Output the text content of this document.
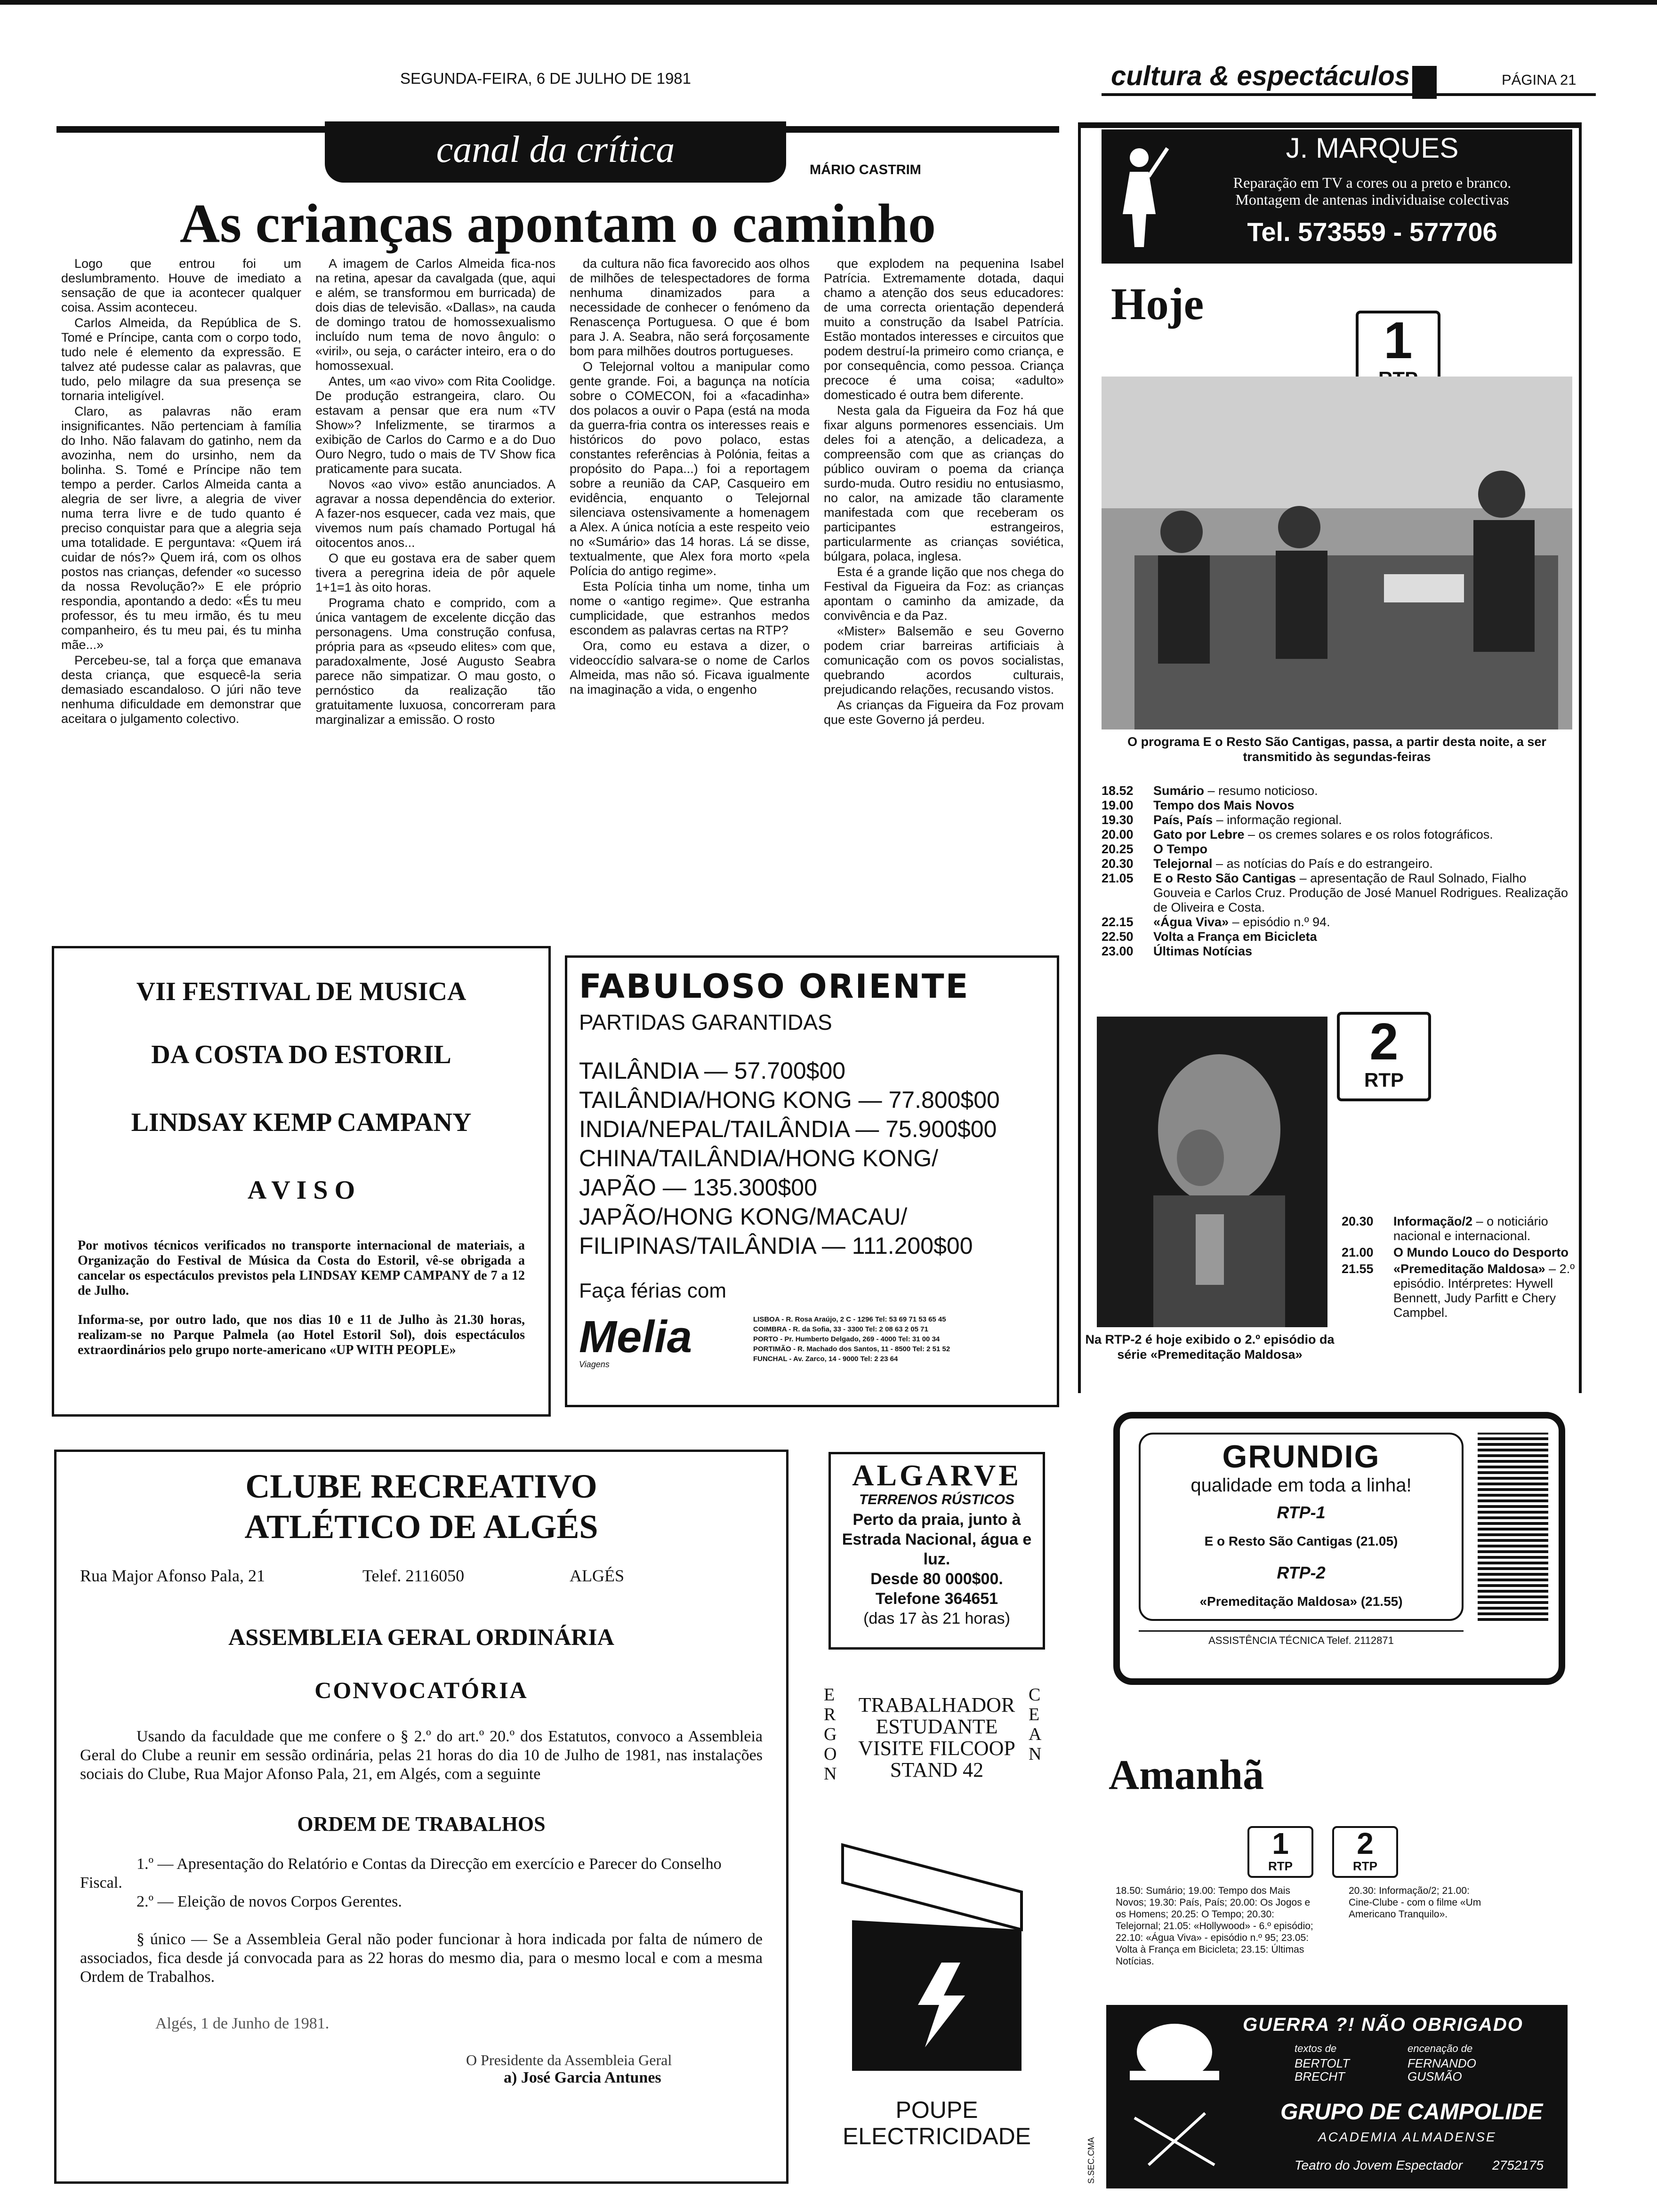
SEGUNDA-FEIRA, 6 DE JULHO DE 1981	cultura & espectáculos	PÁGINA 21
canal da crítica	MÁRIO CASTRIM
As crianças apontam o caminho

Logo que entrou foi um deslumbramento. Houve de imediato a sensação de que ia acontecer qualquer coisa. Assim aconteceu.

Carlos Almeida, da República de S. Tomé e Príncipe, canta com o corpo todo, tudo nele é elemento da expressão. E talvez até pudesse calar as palavras, que tudo, pelo milagre da sua presença se tornaria inteligível.

Claro, as palavras não eram insignificantes. Não pertenciam à família do Inho. Não falavam do gatinho, nem da avozinha, nem do ursinho, nem da bolinha. S. Tomé e Príncipe não tem tempo a perder. Carlos Almeida canta a alegria de ser livre, a alegria de viver numa terra livre e de tudo quanto é preciso conquistar para que a alegria seja uma totalidade. E perguntava: «Quem irá cuidar de nós?» Quem irá, com os olhos postos nas crianças, defender «o sucesso da nossa Revolução?» E ele próprio respondia, apontando a dedo: «És tu meu professor, és tu meu irmão, és tu meu companheiro, és tu meu pai, és tu minha mãe...»

Percebeu-se, tal a força que emanava desta criança, que esquecê-la seria demasiado escandaloso. O júri não teve nenhuma dificuldade em demonstrar que aceitara o julgamento colectivo.

A imagem de Carlos Almeida fica-nos na retina, apesar da cavalgada (que, aqui e além, se transformou em burricada) de dois dias de televisão. «Dallas», na cauda de domingo tratou de homossexualismo incluído num tema de novo ângulo: o «viril», ou seja, o carácter inteiro, era o do homossexual.

Antes, um «ao vivo» com Rita Coolidge. De produção estrangeira, claro. Ou estavam a pensar que era num «TV Show»? Infelizmente, se tirarmos a exibição de Carlos do Carmo e a do Duo Ouro Negro, tudo o mais de TV Show fica praticamente para sucata.

Novos «ao vivo» estão anunciados. A agravar a nossa dependência do exterior. A fazer-nos esquecer, cada vez mais, que vivemos num país chamado Portugal há oitocentos anos...

O que eu gostava era de saber quem tivera a peregrina ideia de pôr aquele 1+1=1 às oito horas.

Programa chato e comprido, com a única vantagem de excelente dicção das personagens. Uma construção confusa, própria para as «pseudo elites» com que, paradoxalmente, José Augusto Seabra parece não simpatizar. O mau gosto, o pernóstico da realização tão gratuitamente luxuosa, concorreram para marginalizar a emissão. O rosto

da cultura não fica favorecido aos olhos de milhões de telespectadores de forma nenhuma dinamizados para a necessidade de conhecer o fenómeno da Renascença Portuguesa. O que é bom para J. A. Seabra, não será forçosamente bom para milhões doutros portugueses.

O Telejornal voltou a manipular como gente grande. Foi, a bagunça na notícia sobre o COMECON, foi a «facadinha» dos polacos a ouvir o Papa (está na moda da guerra-fria contra os interesses reais e históricos do povo polaco, estas constantes referências à Polónia, feitas a propósito do Papa...) foi a reportagem sobre a reunião da CAP, Casqueiro em evidência, enquanto o Telejornal silenciava ostensivamente a homenagem a Alex. A única notícia a este respeito veio no «Sumário» das 14 horas. Lá se disse, textualmente, que Alex fora morto «pela Polícia do antigo regime».

Esta Polícia tinha um nome, tinha um nome o «antigo regime». Que estranha cumplicidade, que estranhos medos escondem as palavras certas na RTP?

Ora, como eu estava a dizer, o videoccídio salvara-se o nome de Carlos Almeida, mas não só. Ficava igualmente na imaginação a vida, o engenho

que explodem na pequenina Isabel Patrícia. Extremamente dotada, daqui chamo a atenção dos seus educadores: de uma correcta orientação dependerá muito a construção da Isabel Patrícia. Estão montados interesses e circuitos que podem destruí-la primeiro como criança, e por consequência, como pessoa. Criança precoce é uma coisa; «adulto» domesticado é outra bem diferente.

Nesta gala da Figueira da Foz há que fixar alguns pormenores essenciais. Um deles foi a atenção, a delicadeza, a compreensão com que as crianças do público ouviram o poema da criança surdo-muda. Outro residiu no entusiasmo, no calor, na amizade tão claramente manifestada com que receberam os participantes estrangeiros, particularmente as crianças soviética, búlgara, polaca, inglesa.

Esta é a grande lição que nos chega do Festival da Figueira da Foz: as crianças apontam o caminho da amizade, da convivência e da Paz.

«Mister» Balsemão e seu Governo podem criar barreiras artificiais à comunicação com os povos socialistas, quebrando acordos culturais, prejudicando relações, recusando vistos.

As crianças da Figueira da Foz provam que este Governo já perdeu.

VII FESTIVAL DE MUSICA
DA COSTA DO ESTORIL
LINDSAY KEMP CAMPANY
A V I S O
Por motivos técnicos verificados no transporte internacional de materiais, a Organização do Festival de Música da Costa do Estoril, vê-se obrigada a cancelar os espectáculos previstos pela LINDSAY KEMP CAMPANY de 7 a 12 de Julho.
Informa-se, por outro lado, que nos dias 10 e 11 de Julho às 21.30 horas, realizam-se no Parque Palmela (ao Hotel Estoril Sol), dois espectáculos extraordinários pelo grupo norte-americano «UP WITH PEOPLE»
FABULOSO ORIENTE
PARTIDAS GARANTIDAS
TAILÂNDIA — 57.700$00
TAILÂNDIA/HONG KONG — 77.800$00
INDIA/NEPAL/TAILÂNDIA — 75.900$00
CHINA/TAILÂNDIA/HONG KONG/
JAPÃO — 135.300$00
JAPÃO/HONG KONG/MACAU/
FILIPINAS/TAILÂNDIA — 111.200$00
Faça férias com
Melia
Viagens
LISBOA - R. Rosa Araújo, 2 C - 1296 Tel: 53 69 71 53 65 45
COIMBRA - R. da Sofia, 33 - 3300 Tel: 2 08 63 2 05 71
PORTO - Pr. Humberto Delgado, 269 - 4000 Tel: 31 00 34
PORTIMÃO - R. Machado dos Santos, 11 - 8500 Tel: 2 51 52
FUNCHAL - Av. Zarco, 14 - 9000 Tel: 2 23 64
CLUBE RECREATIVO
ATLÉTICO DE ALGÉS
Rua Major Afonso Pala, 21	Telef. 2116050	ALGÉS
ASSEMBLEIA GERAL ORDINÁRIA
CONVOCATÓRIA
Usando da faculdade que me confere o § 2.º do art.º 20.º dos Estatutos, convoco a Assembleia Geral do Clube a reunir em sessão ordinária, pelas 21 horas do dia 10 de Julho de 1981, nas instalações sociais do Clube, Rua Major Afonso Pala, 21, em Algés, com a seguinte
ORDEM DE TRABALHOS
1.º — Apresentação do Relatório e Contas da Direcção em exercício e Parecer do Conselho Fiscal.
2.º — Eleição de novos Corpos Gerentes.
§ único — Se a Assembleia Geral não poder funcionar à hora indicada por falta de número de associados, fica desde já convocada para as 22 horas do mesmo dia, para o mesmo local e com a mesma Ordem de Trabalhos.
Algés, 1 de Junho de 1981.
O Presidente da Assembleia Geral
a) José Garcia Antunes
ALGARVE
TERRENOS RÚSTICOS
Perto da praia, junto à Estrada Nacional, água e luz.
Desde 80 000$00.
Telefone 364651
(das 17 às 21 horas)
ERGON
CEAN
TRABALHADOR
ESTUDANTE
VISITE FILCOOP
STAND 42
POUPE
ELECTRICIDADE
J. MARQUES
Reparação em TV a cores ou a preto e branco.
Montagem de antenas individuaise colectivas
Tel. 573559 - 577706
Hoje
1
O programa E o Resto São Cantigas, passa, a partir desta noite, a ser transmitido às segundas-feiras
18.52	Sumário – resumo noticioso.
19.00	Tempo dos Mais Novos
19.30	País, País – informação regional.
20.00	Gato por Lebre – os cremes solares e os rolos fotográficos.
20.25	O Tempo
20.30	Telejornal – as notícias do País e do estrangeiro.
21.05	E o Resto São Cantigas – apresentação de Raul Solnado, Fialho Gouveia e Carlos Cruz. Produção de José Manuel Rodrigues. Realização de Oliveira e Costa.
22.15	«Água Viva» – episódio n.º 94.
22.50	Volta a França em Bicicleta
23.00	Últimas Notícias
2
RTP
Na RTP-2 é hoje exibido o 2.º episódio da série «Premeditação Maldosa»
20.30	Informação/2 – o noticiário nacional e internacional.
21.00	O Mundo Louco do Desporto
21.55	«Premeditação Maldosa» – 2.º episódio. Intérpretes: Hywell Bennett, Judy Parfitt e Chery Campbel.
GRUNDIG
qualidade em toda a linha!
RTP-1
E o Resto São Cantigas (21.05)
RTP-2
«Premeditação Maldosa» (21.55)
ASSISTÊNCIA TÉCNICA Telef. 2112871
Amanhã
1
RTP
2
RTP
18.50: Sumário; 19.00: Tempo dos Mais Novos; 19.30: País, País; 20.00: Os Jogos e os Homens; 20.25: O Tempo; 20.30: Telejornal; 21.05: «Hollywood» - 6.º episódio; 22.10: «Água Viva» - episódio n.º 95; 23.05: Volta à França em Bicicleta; 23.15: Últimas Notícias.
20.30: Informação/2; 21.00: Cine-Clube - com o filme «Um Americano Tranquilo».
S.SEC.CMA
GUERRA ?! NÃO OBRIGADO
textos de
BERTOLT BRECHT
encenação de
FERNANDO GUSMÃO
GRUPO DE CAMPOLIDE
ACADEMIA ALMADENSE
Teatro do Jovem Espectador	2752175
